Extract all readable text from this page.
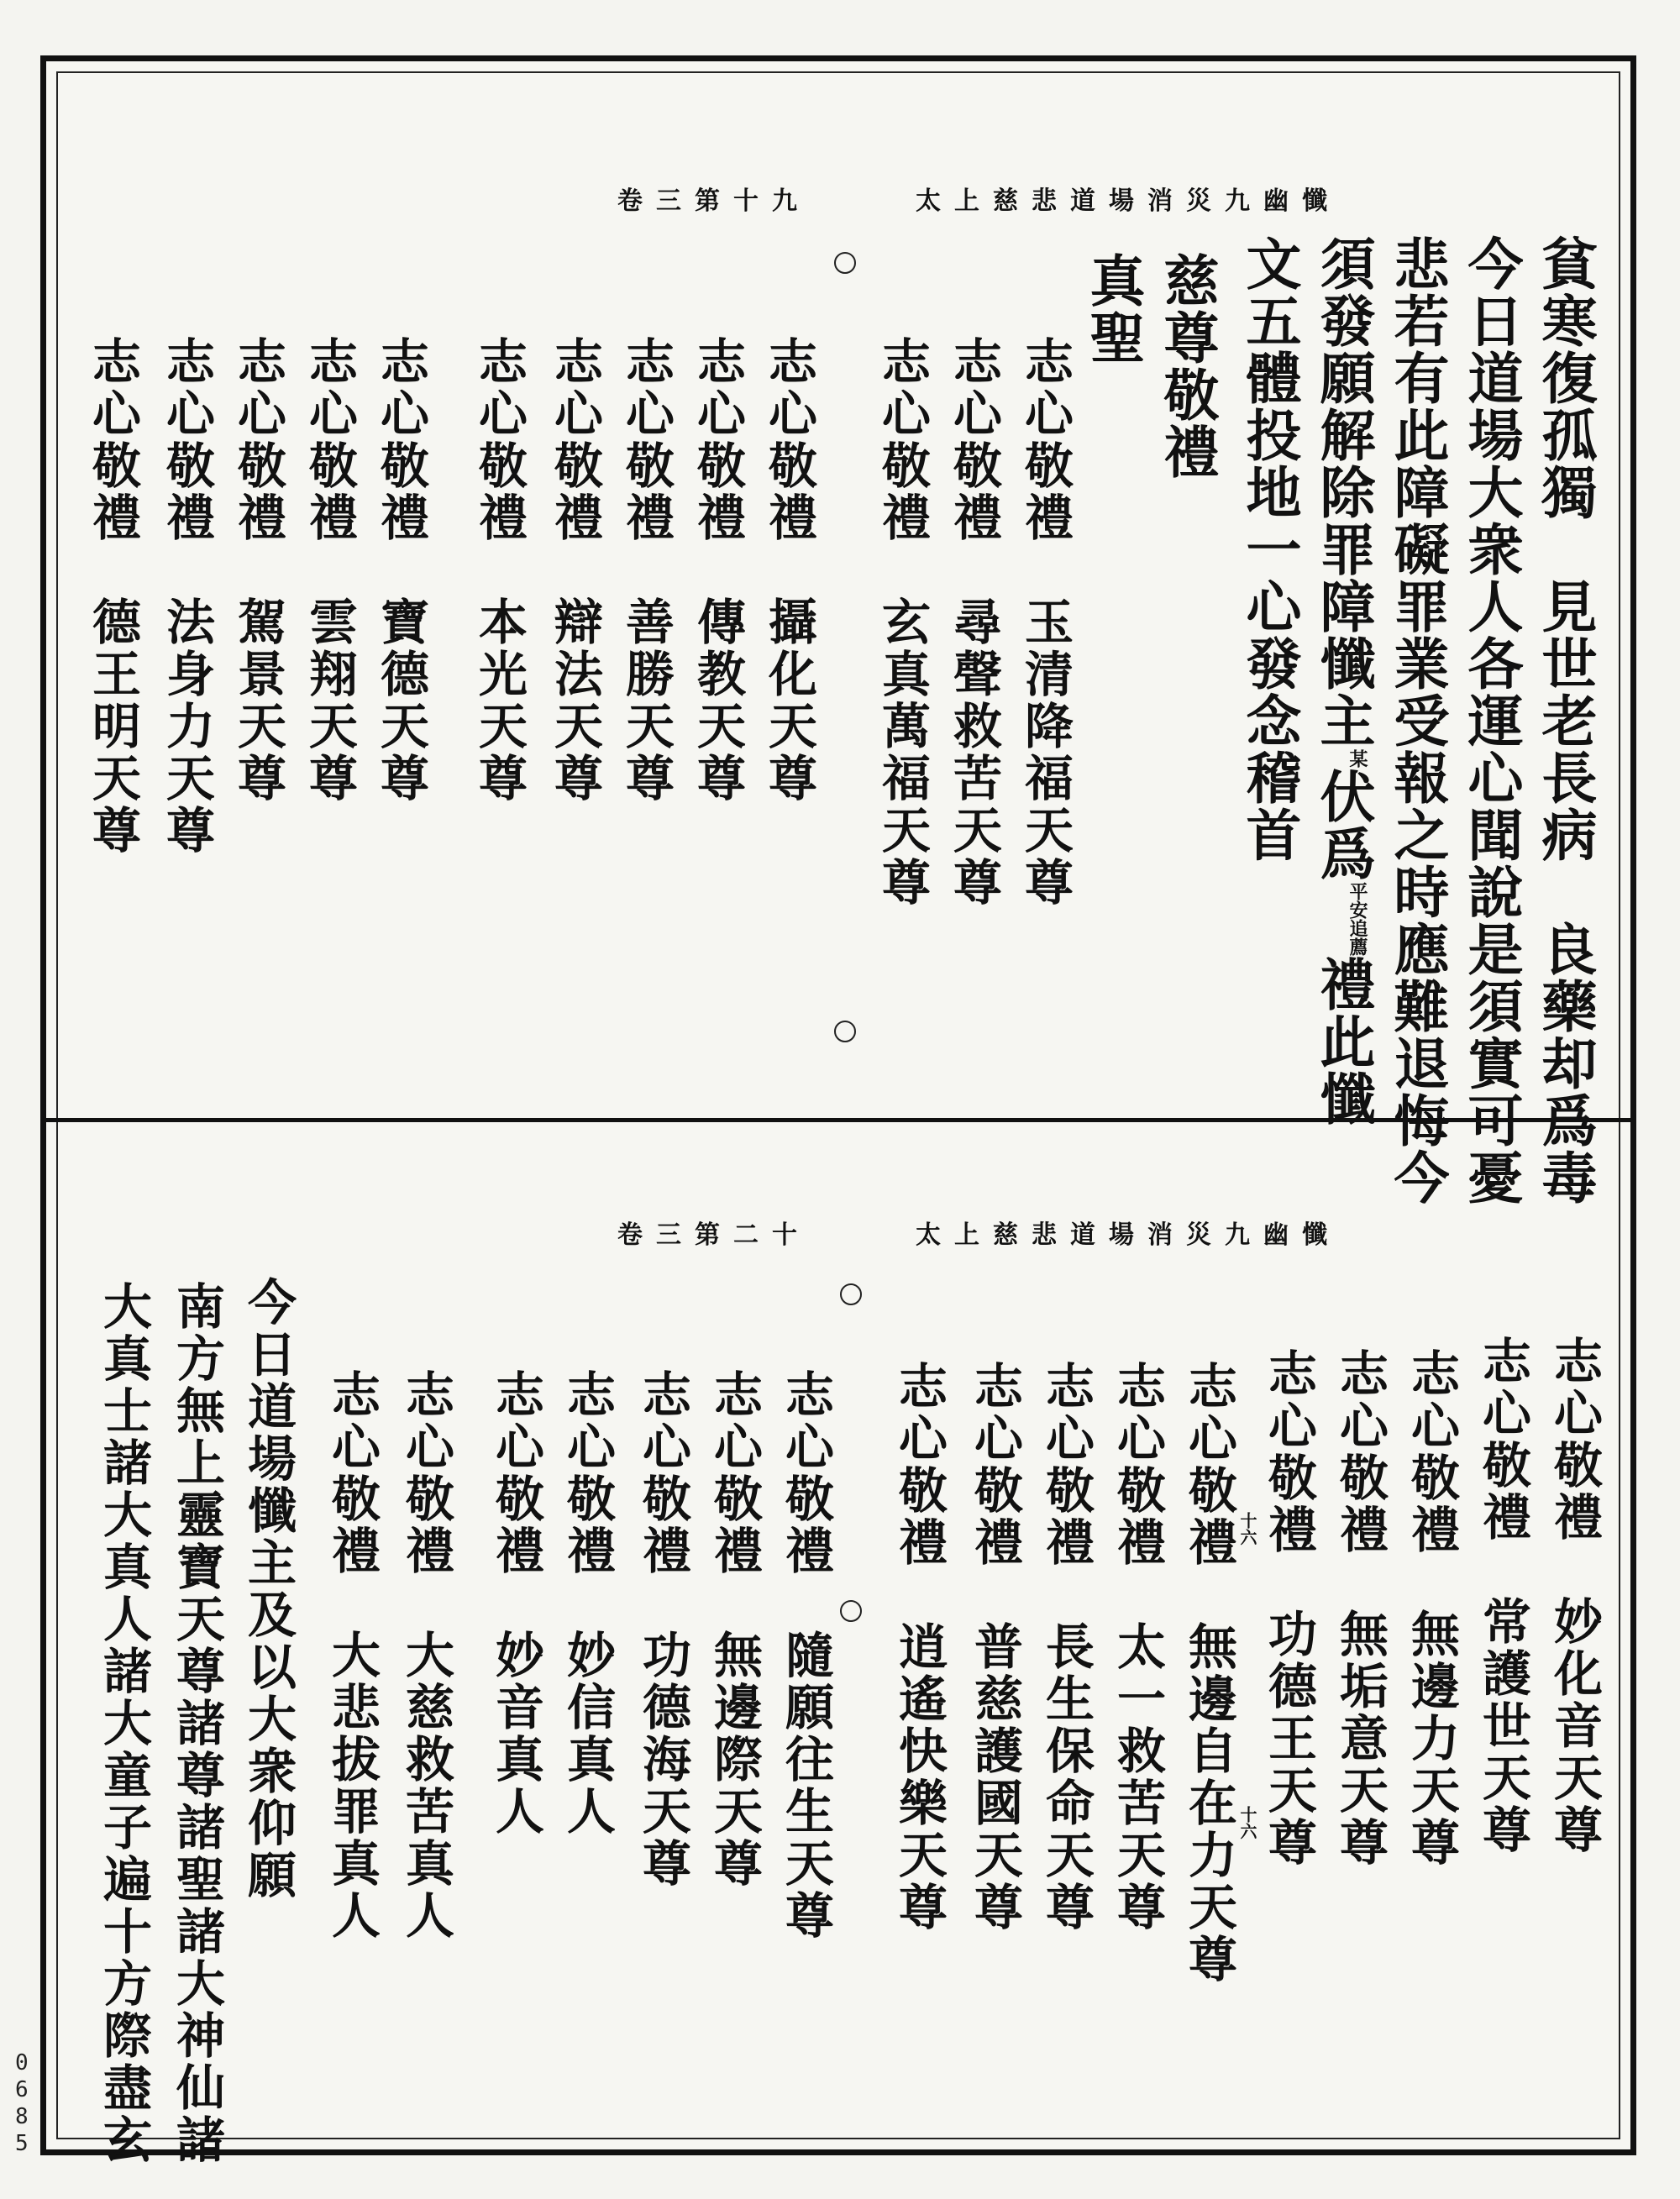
0685
太上慈悲道場消災九幽懺
卷三第十九
貧寒復孤獨　見世老長病　良藥却爲毒
今日道場大衆人各運心聞說是須實可憂
悲若有此障礙罪業受報之時應難退悔今
須發願解除罪障懺主某伏爲平安追薦禮此懺
文五體投地一心發念稽首
慈尊敬禮
真聖
志心敬禮　玉清降福天尊
志心敬禮　尋聲救苦天尊
志心敬禮　玄真萬福天尊
志心敬禮　攝化天尊
志心敬禮　傳教天尊
志心敬禮　善勝天尊
志心敬禮　辯法天尊
志心敬禮　本光天尊
志心敬禮　寶德天尊
志心敬禮　雲翔天尊
志心敬禮　駕景天尊
志心敬禮　法身力天尊
志心敬禮　德王明天尊
太上慈悲道場消災九幽懺
卷三第二十
志心敬禮　妙化音天尊
志心敬禮　常護世天尊
志心敬禮　無邊力天尊
志心敬禮　無垢意天尊
志心敬禮　功德王天尊
十六
十六
志心敬禮　無邊自在力天尊
志心敬禮　太一救苦天尊
志心敬禮　長生保命天尊
志心敬禮　普慈護國天尊
志心敬禮　逍遙快樂天尊
志心敬禮　隨願往生天尊
志心敬禮　無邊際天尊
志心敬禮　功德海天尊
志心敬禮　妙信真人
志心敬禮　妙音真人
志心敬禮　大慈救苦真人
志心敬禮　大悲拔罪真人
今日道場懺主及以大衆仰願
南方無上靈寶天尊諸尊諸聖諸大神仙諸
大真士諸大真人諸大童子遍十方際盡玄
